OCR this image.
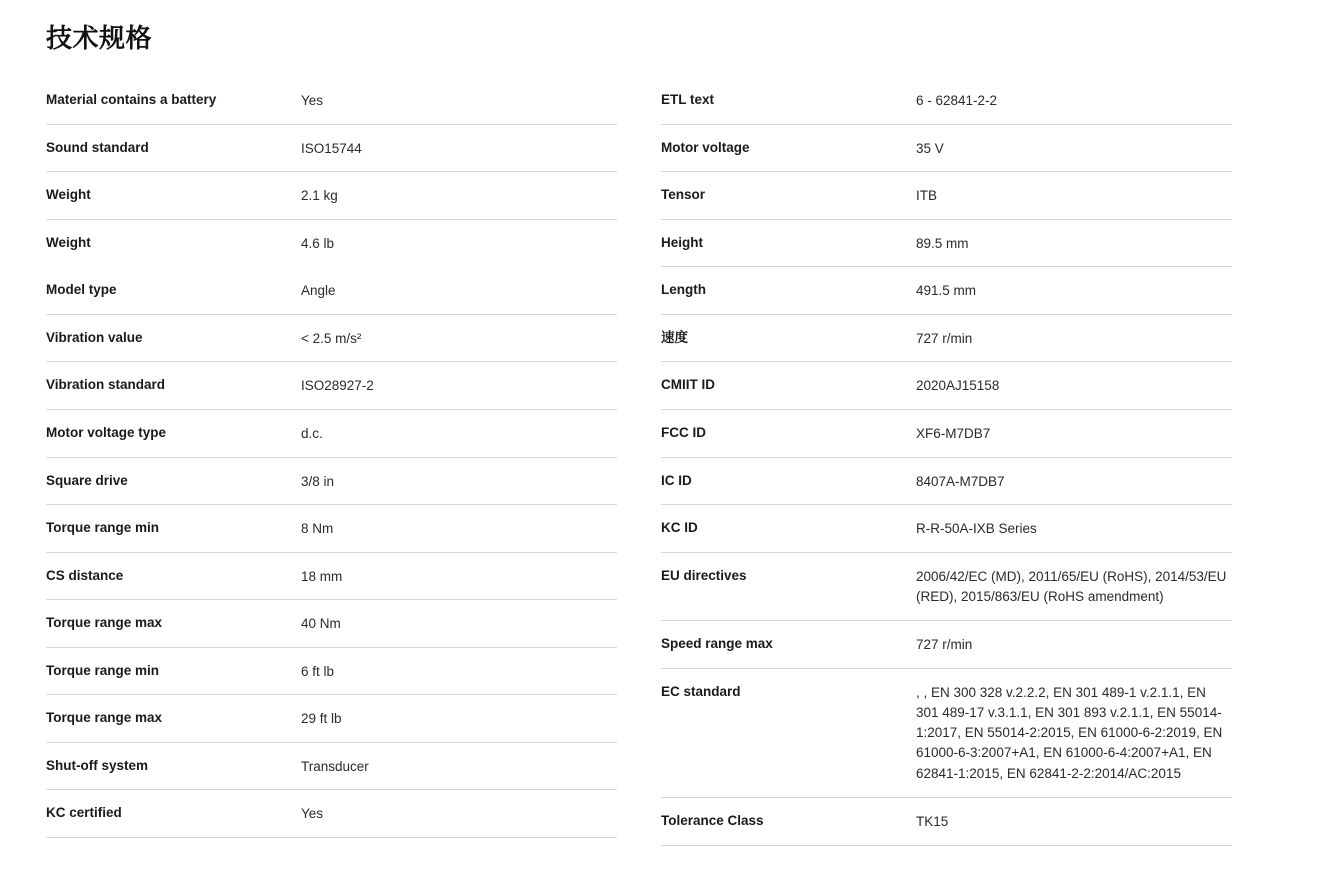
技术规格
Material contains a battery	Yes
Sound standard	ISO15744
Weight	2.1 kg
Weight	4.6 lb
Model type	Angle
Vibration value	< 2.5 m/s²
Vibration standard	ISO28927-2
Motor voltage type	d.c.
Square drive	3/8 in
Torque range min	8 Nm
CS distance	18 mm
Torque range max	40 Nm
Torque range min	6 ft lb
Torque range max	29 ft lb
Shut-off system	Transducer
KC certified	Yes
ETL text	6 - 62841-2-2
Motor voltage	35 V
Tensor	ITB
Height	89.5 mm
Length	491.5 mm
速度	727 r/min
CMIIT ID	2020AJ15158
FCC ID	XF6-M7DB7
IC ID	8407A-M7DB7
KC ID	R-R-50A-IXB Series
EU directives	2006/42/EC (MD), 2011/65/EU (RoHS), 2014/53/EU (RED), 2015/863/EU (RoHS amendment)
Speed range max	727 r/min
EC standard	, , EN 300 328 v.2.2.2, EN 301 489-1 v.2.1.1, EN 301 489-17 v.3.1.1, EN 301 893 v.2.1.1, EN 55014-1:2017, EN 55014-2:2015, EN 61000-6-2:2019, EN 61000-6-3:2007+A1, EN 61000-6-4:2007+A1, EN 62841-1:2015, EN 62841-2-2:2014/AC:2015
Tolerance Class	TK15
